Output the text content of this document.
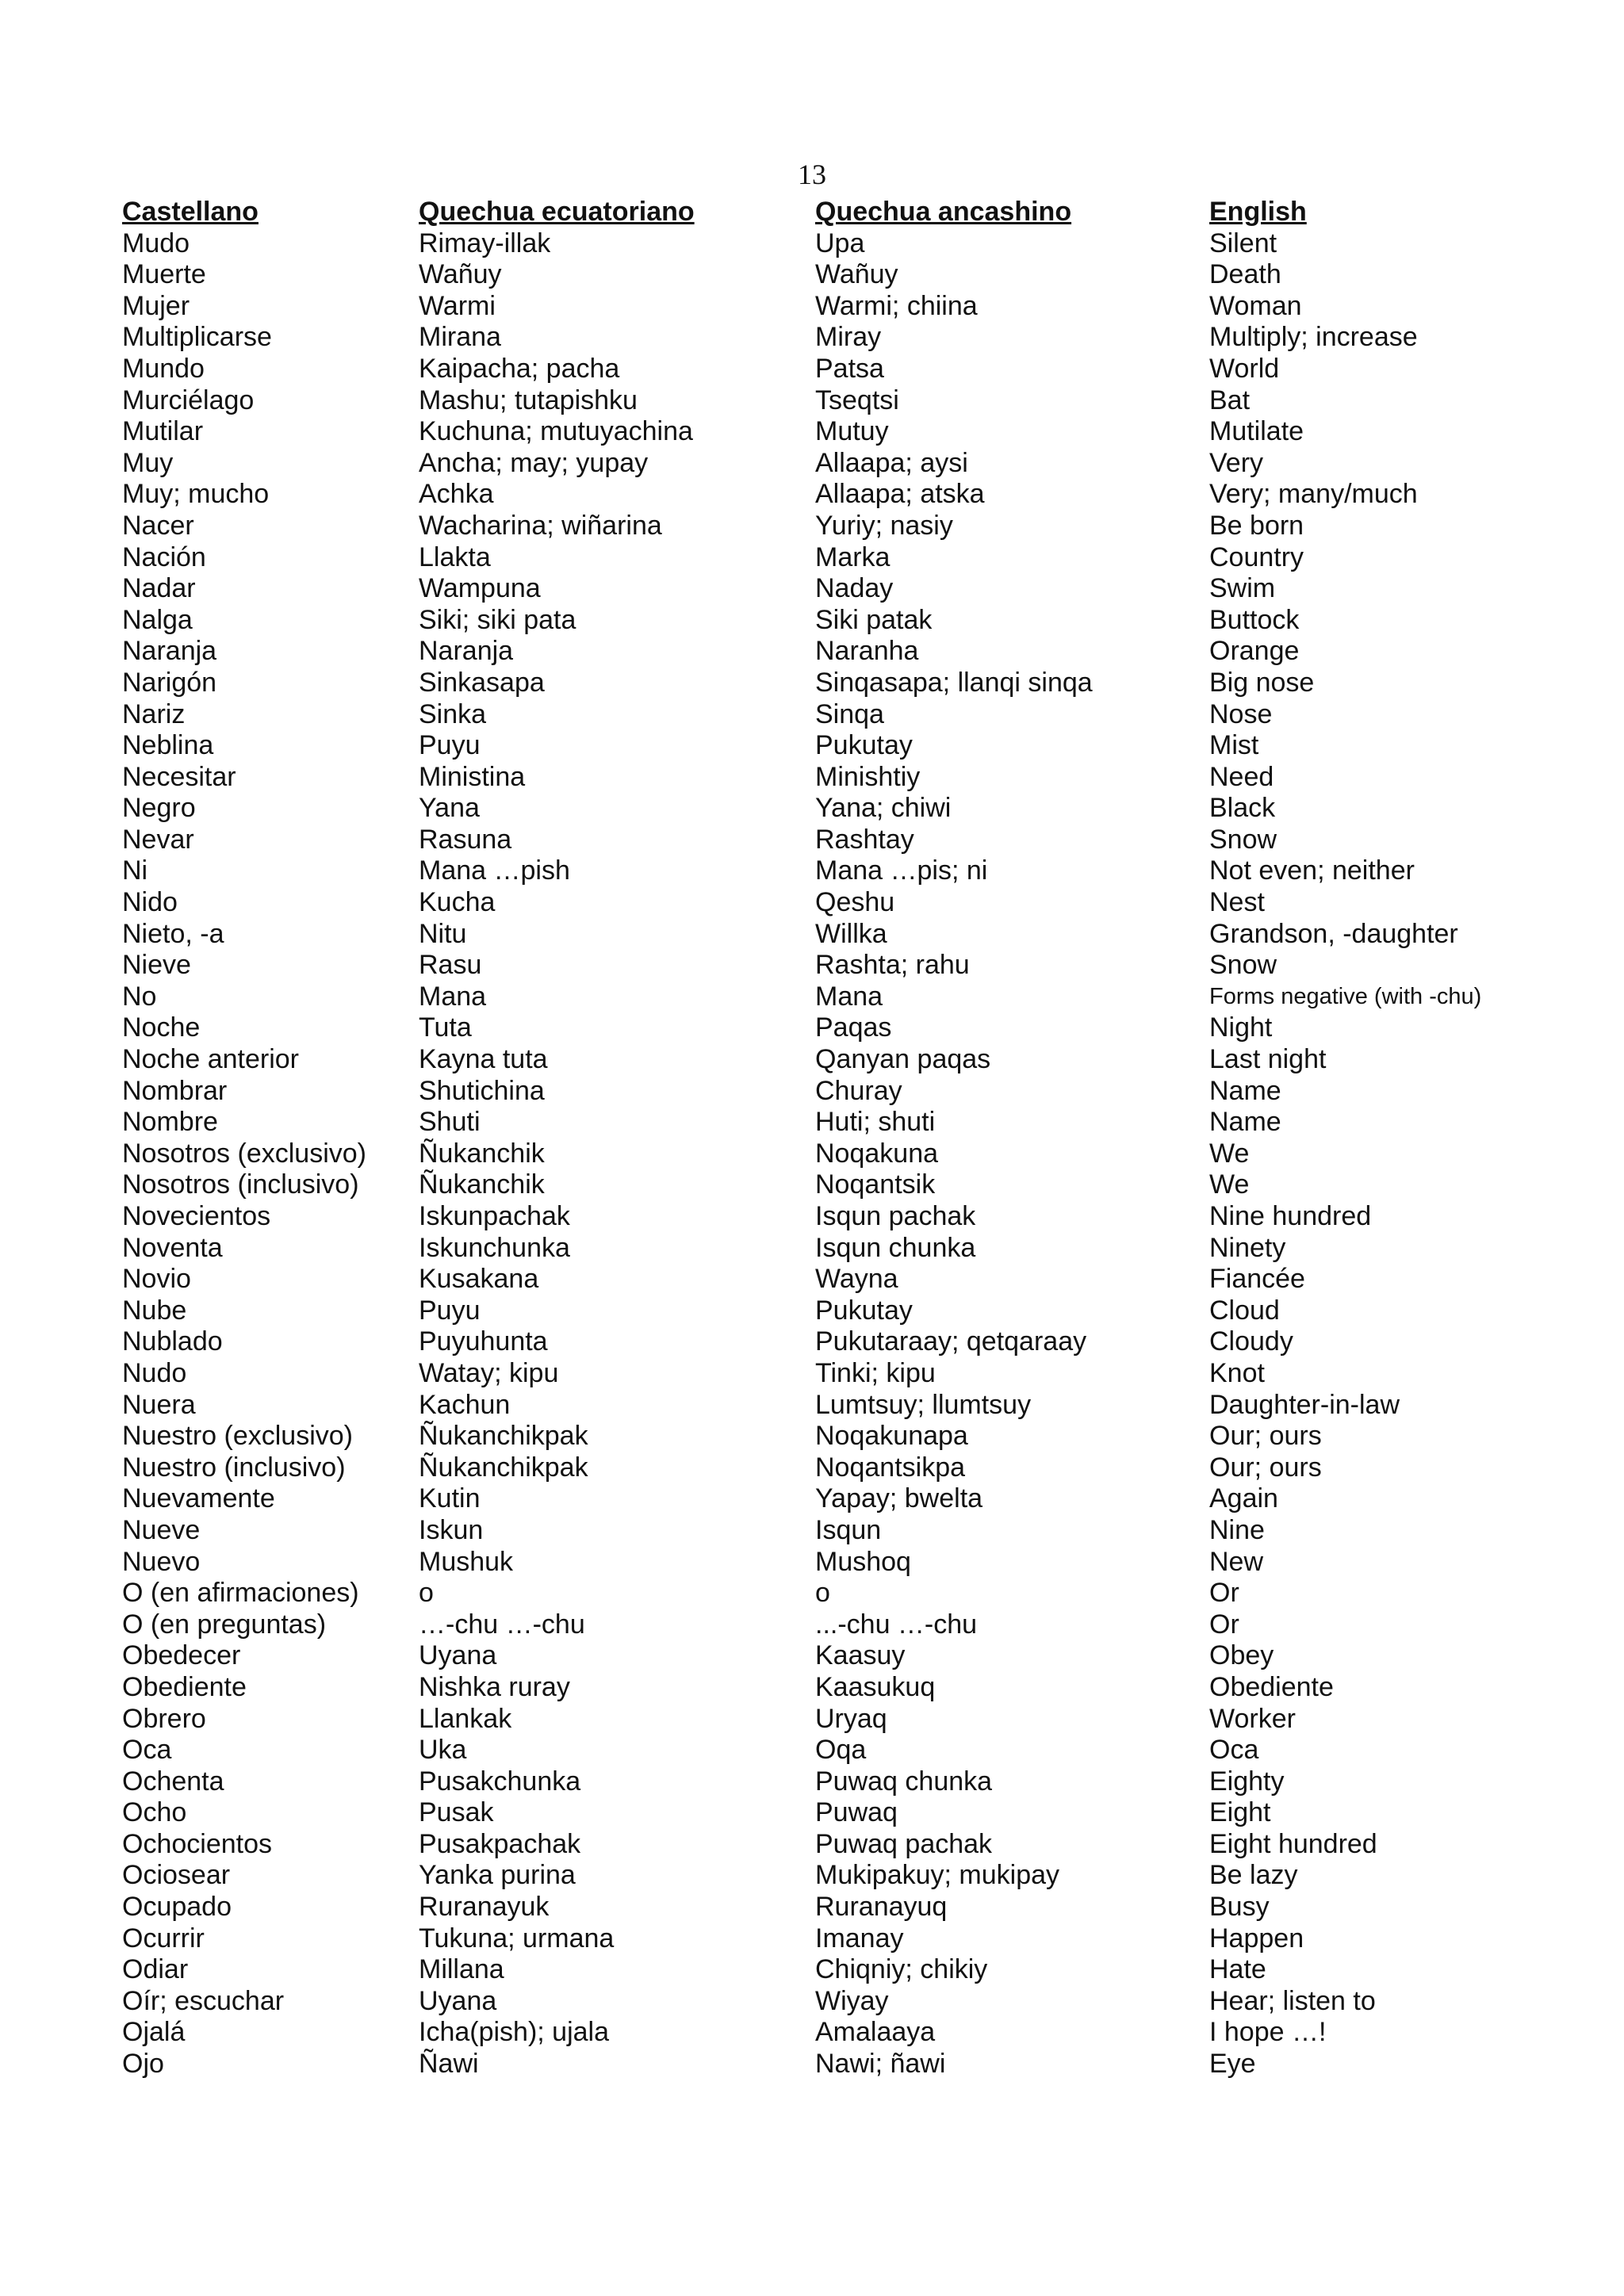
13
Castellano	Quechua ecuatoriano	Quechua ancashino	English
Mudo	Rimay-illak	Upa	Silent
Muerte	Wañuy	Wañuy	Death
Mujer	Warmi	Warmi; chiina	Woman
Multiplicarse	Mirana	Miray	Multiply; increase
Mundo	Kaipacha; pacha	Patsa	World
Murciélago	Mashu; tutapishku	Tseqtsi	Bat
Mutilar	Kuchuna; mutuyachina	Mutuy	Mutilate
Muy	Ancha; may; yupay	Allaapa; aysi	Very
Muy; mucho	Achka	Allaapa; atska	Very; many/much
Nacer	Wacharina; wiñarina	Yuriy; nasiy	Be born
Nación	Llakta	Marka	Country
Nadar	Wampuna	Naday	Swim
Nalga	Siki; siki pata	Siki patak	Buttock
Naranja	Naranja	Naranha	Orange
Narigón	Sinkasapa	Sinqasapa; llanqi sinqa	Big nose
Nariz	Sinka	Sinqa	Nose
Neblina	Puyu	Pukutay	Mist
Necesitar	Ministina	Minishtiy	Need
Negro	Yana	Yana; chiwi	Black
Nevar	Rasuna	Rashtay	Snow
Ni	Mana …pish	Mana …pis; ni	Not even; neither
Nido	Kucha	Qeshu	Nest
Nieto, -a	Nitu	Willka	Grandson, -daughter
Nieve	Rasu	Rashta; rahu	Snow
No	Mana	Mana	Forms negative (with -chu)
Noche	Tuta	Paqas	Night
Noche anterior	Kayna tuta	Qanyan paqas	Last night
Nombrar	Shutichina	Churay	Name
Nombre	Shuti	Huti; shuti	Name
Nosotros (exclusivo)	Ñukanchik	Noqakuna	We
Nosotros (inclusivo)	Ñukanchik	Noqantsik	We
Novecientos	Iskunpachak	Isqun pachak	Nine hundred
Noventa	Iskunchunka	Isqun chunka	Ninety
Novio	Kusakana	Wayna	Fiancée
Nube	Puyu	Pukutay	Cloud
Nublado	Puyuhunta	Pukutaraay; qetqaraay	Cloudy
Nudo	Watay; kipu	Tinki; kipu	Knot
Nuera	Kachun	Lumtsuy; llumtsuy	Daughter-in-law
Nuestro (exclusivo)	Ñukanchikpak	Noqakunapa	Our; ours
Nuestro (inclusivo)	Ñukanchikpak	Noqantsikpa	Our; ours
Nuevamente	Kutin	Yapay; bwelta	Again
Nueve	Iskun	Isqun	Nine
Nuevo	Mushuk	Mushoq	New
O (en afirmaciones)	o	o	Or
O (en preguntas)	…-chu …-chu	...-chu …-chu	Or
Obedecer	Uyana	Kaasuy	Obey
Obediente	Nishka ruray	Kaasukuq	Obediente
Obrero	Llankak	Uryaq	Worker
Oca	Uka	Oqa	Oca
Ochenta	Pusakchunka	Puwaq chunka	Eighty
Ocho	Pusak	Puwaq	Eight
Ochocientos	Pusakpachak	Puwaq pachak	Eight hundred
Ociosear	Yanka purina	Mukipakuy; mukipay	Be lazy
Ocupado	Ruranayuk	Ruranayuq	Busy
Ocurrir	Tukuna; urmana	Imanay	Happen
Odiar	Millana	Chiqniy; chikiy	Hate
Oír; escuchar	Uyana	Wiyay	Hear; listen to
Ojalá	Icha(pish); ujala	Amalaaya	I hope …!
Ojo	Ñawi	Nawi; ñawi	Eye
